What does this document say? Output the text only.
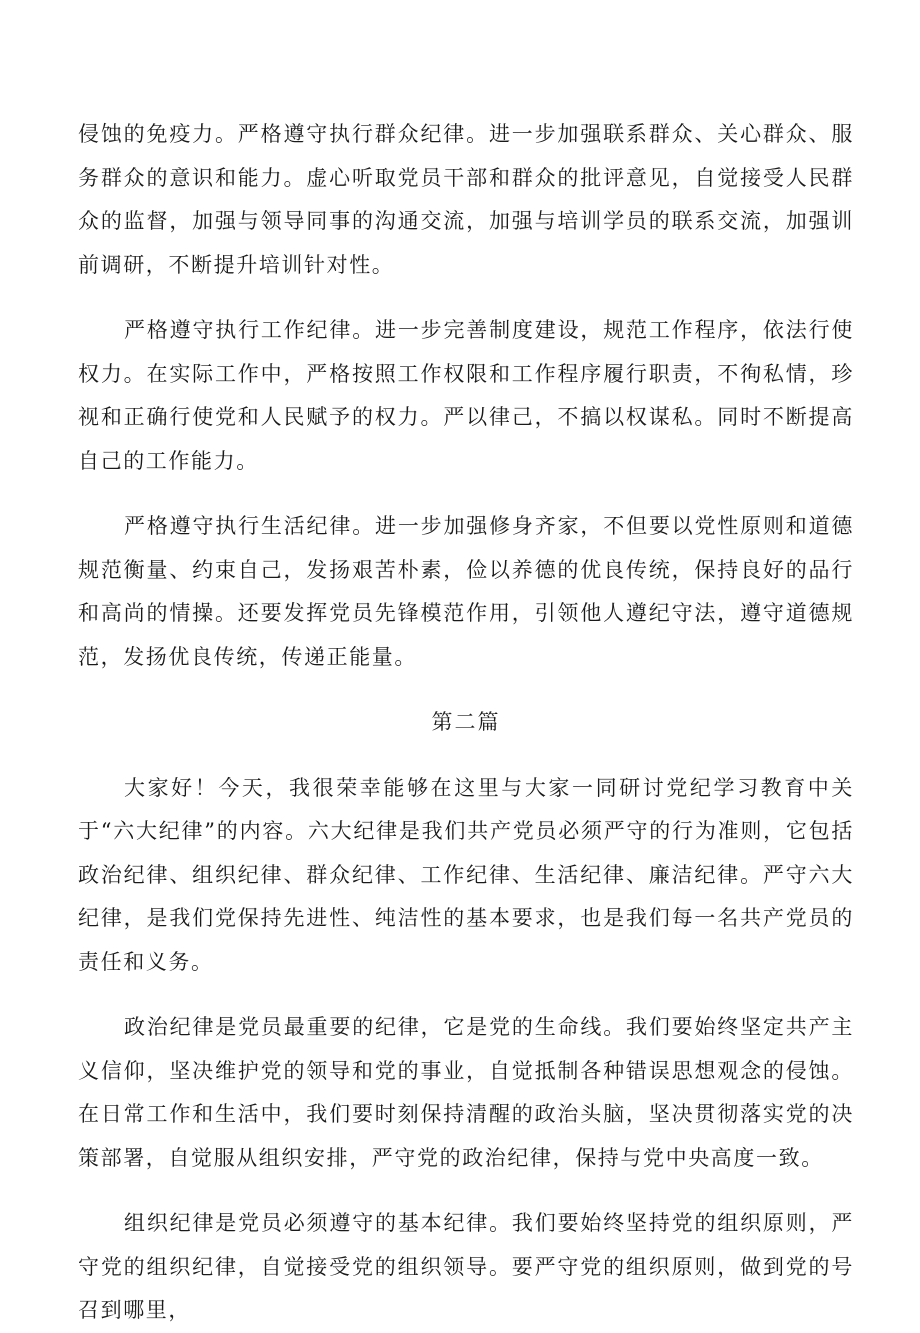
侵蚀的免疫力。严格遵守执行群众纪律。进一步加强联系群众、关心群众、服务群众的意识和能力。虚心听取党员干部和群众的批评意见，自觉接受人民群众的监督，加强与领导同事的沟通交流，加强与培训学员的联系交流，加强训前调研，不断提升培训针对性。

严格遵守执行工作纪律。进一步完善制度建设，规范工作程序，依法行使权力。在实际工作中，严格按照工作权限和工作程序履行职责，不徇私情，珍视和正确行使党和人民赋予的权力。严以律己，不搞以权谋私。同时不断提高自己的工作能力。

严格遵守执行生活纪律。进一步加强修身齐家，不但要以党性原则和道德规范衡量、约束自己，发扬艰苦朴素，俭以养德的优良传统，保持良好的品行和高尚的情操。还要发挥党员先锋模范作用，引领他人遵纪守法，遵守道德规范，发扬优良传统，传递正能量。

第二篇

大家好！今天，我很荣幸能够在这里与大家一同研讨党纪学习教育中关于“六大纪律”的内容。六大纪律是我们共产党员必须严守的行为准则，它包括政治纪律、组织纪律、群众纪律、工作纪律、生活纪律、廉洁纪律。严守六大纪律，是我们党保持先进性、纯洁性的基本要求，也是我们每一名共产党员的责任和义务。

政治纪律是党员最重要的纪律，它是党的生命线。我们要始终坚定共产主义信仰，坚决维护党的领导和党的事业，自觉抵制各种错误思想观念的侵蚀。在日常工作和生活中，我们要时刻保持清醒的政治头脑，坚决贯彻落实党的决策部署，自觉服从组织安排，严守党的政治纪律，保持与党中央高度一致。

组织纪律是党员必须遵守的基本纪律。我们要始终坚持党的组织原则，严守党的组织纪律，自觉接受党的组织领导。要严守党的组织原则，做到党的号召到哪里，
